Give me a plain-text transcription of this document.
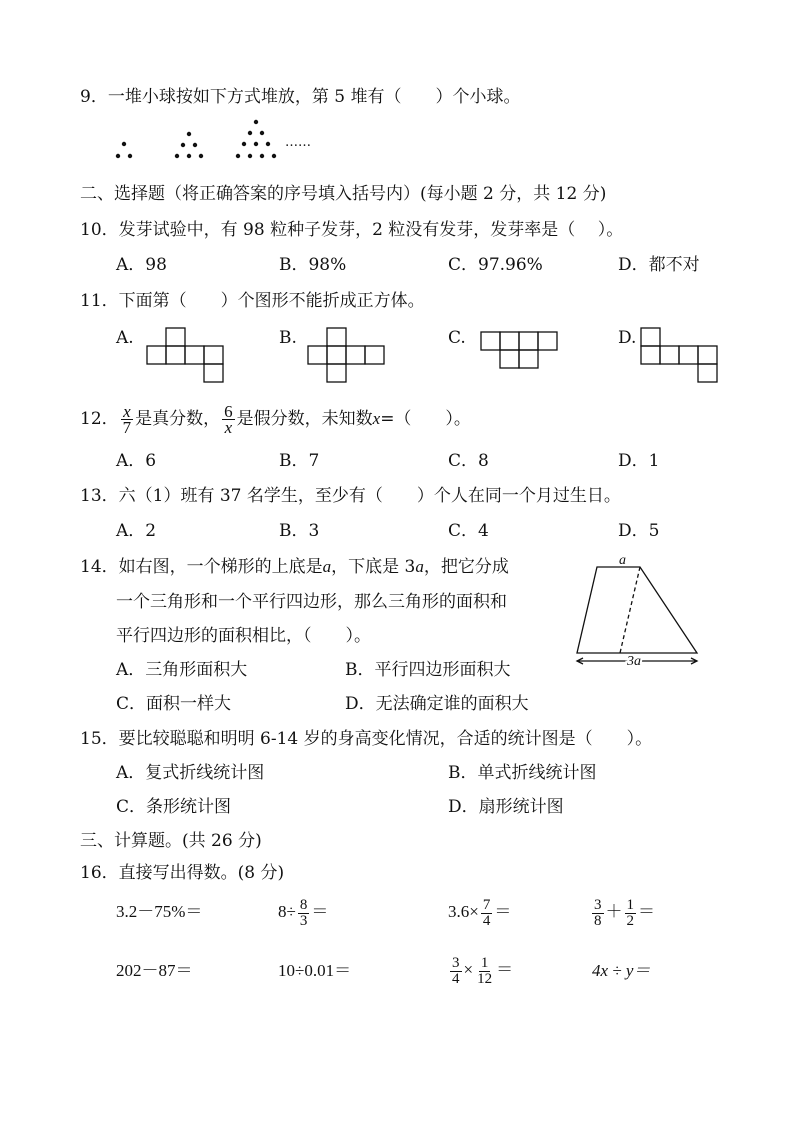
9．一堆小球按如下方式堆放，第 5 堆有（　　）个小球。
……
二、选择题（将正确答案的序号填入括号内）(每小题 2 分，共 12 分)
10．发芽试验中，有 98 粒种子发芽，2 粒没有发芽，发芽率是（　 ）。
A．98	B．98%	C．97.96%	D．都不对
11．下面第（　　）个图形不能折成正方体。
A.	B.	C.	D.
12． $\frac{x}{7}$ 是真分数， $\frac{6}{x}$ 是假分数，未知数x=（　　）。
A．6	B．7	C．8	D．1
13．六（1）班有 37 名学生，至少有（　　）个人在同一个月过生日。
A．2	B．3	C．4	D．5
14．如右图，一个梯形的上底是a，下底是 3a，把它分成
一个三角形和一个平行四边形，那么三角形的面积和
平行四边形的面积相比，（　　）。
A．三角形面积大	B．平行四边形面积大
C．面积一样大	D．无法确定谁的面积大
a
3a
15．要比较聪聪和明明 6-14 岁的身高变化情况，合适的统计图是（　　）。
A．复式折线统计图	B．单式折线统计图
C．条形统计图	D．扇形统计图
三、计算题。(共 26 分)
16．直接写出得数。(8 分)
3.2－75%＝	$8\div \frac{8}{3}$ ＝	$3.6\times \frac{7}{4}$ ＝	$\frac{3}{8} + \frac{1}{2}$ ＝
202－87＝	10÷0.01＝	$\frac{3}{4} \times \frac{1}{12}$ ＝	4x ÷ y＝
